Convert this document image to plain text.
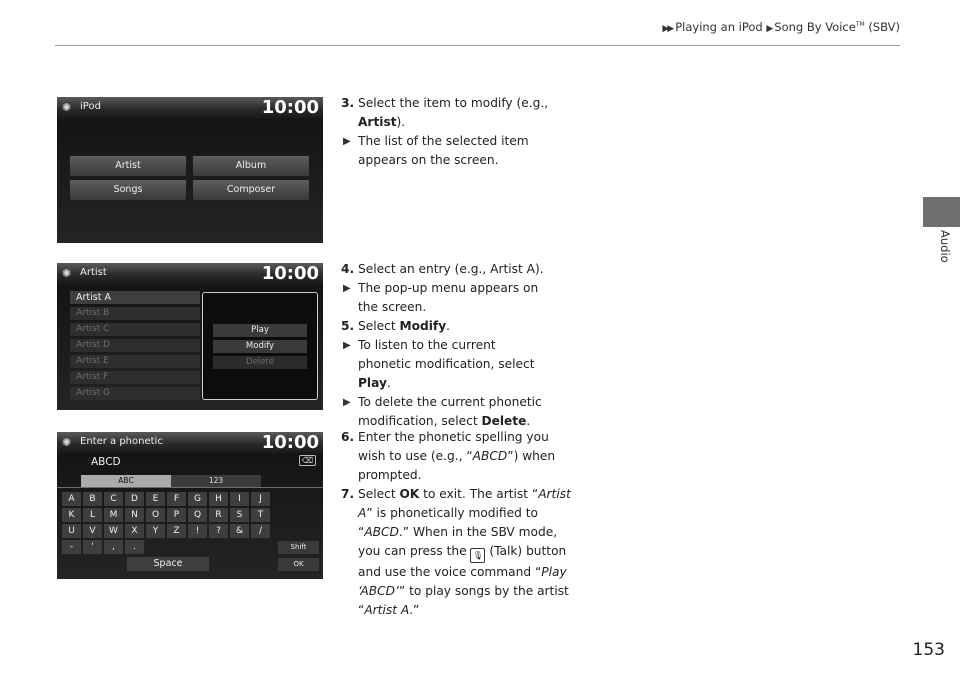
▶▶ Playing an iPod ▶ Song By Voice™ (SBV)
Audio
153
✺ iPod	10:00
Artist	Album
Songs	Composer
✺ Artist	10:00
Artist A
Artist B
Artist C
Artist D
Artist E
Artist F
Artist G
Play
Modify
Delete
✺ Enter a phonetic	10:00
ABCD	⌫
ABC	123
A	B	C	D	E	F	G	H	I	J
K	L	M	N	O	P	Q	R	S	T
U	V	W	X	Y	Z	!	?	&	/
-	'	,	.
Space
Shift
OK
3. Select the item to modify (e.g.,
Artist).
▶ The list of the selected item
appears on the screen.
4. Select an entry (e.g., Artist A).
▶ The pop-up menu appears on
the screen.
5. Select Modify.
▶ To listen to the current
phonetic modification, select
Play.
▶ To delete the current phonetic
modification, select Delete.
6. Enter the phonetic spelling you
wish to use (e.g., “ABCD”) when
prompted.
7. Select OK to exit. The artist “Artist
A” is phonetically modified to
“ABCD.” When in the SBV mode,
you can press the 🎙 (Talk) button
and use the voice command “Play
‘ABCD’” to play songs by the artist
“Artist A.”
